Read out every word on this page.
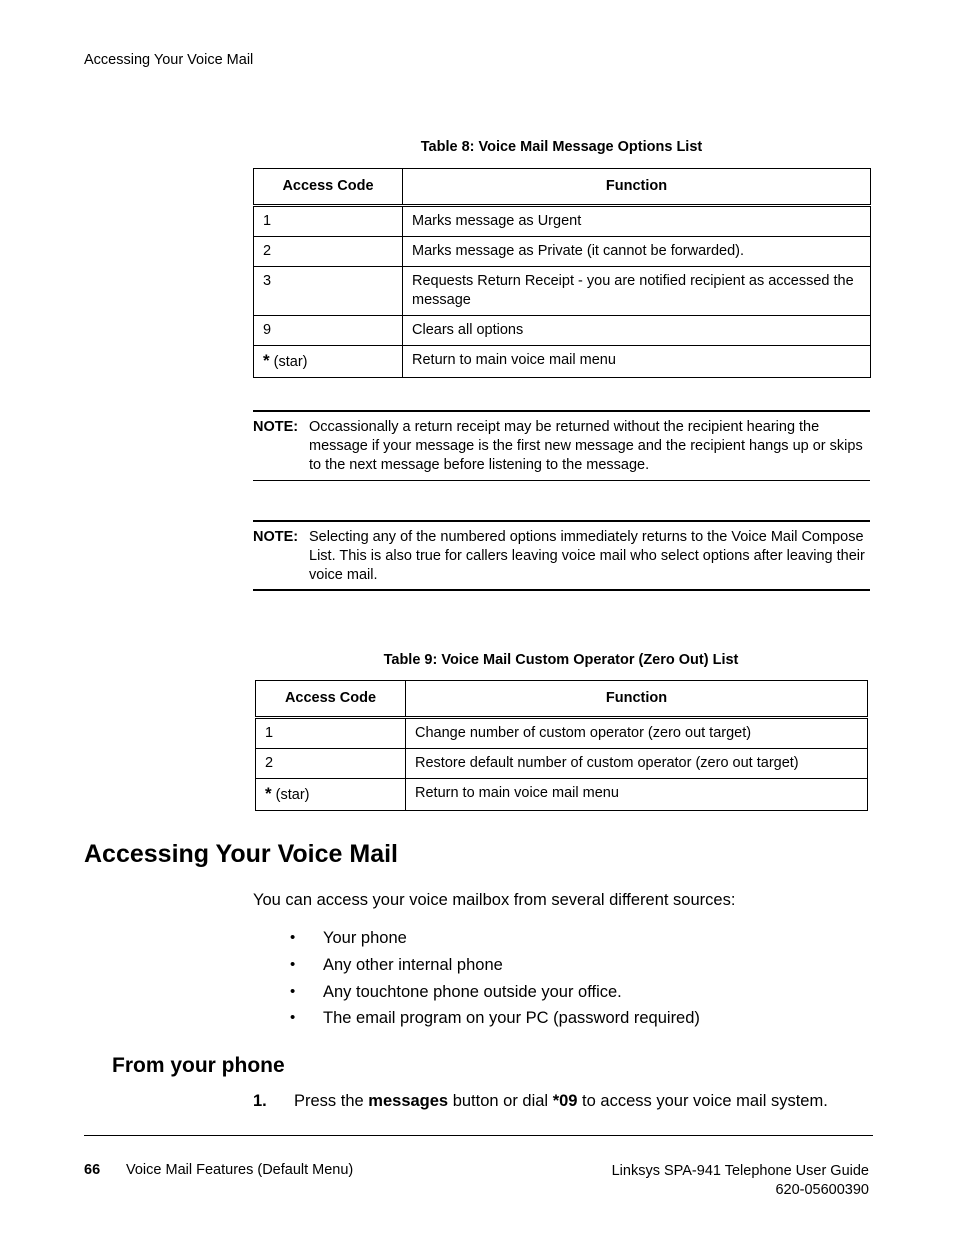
Accessing Your Voice Mail
Table 8: Voice Mail Message Options List
Access Code	Function
1	Marks message as Urgent
2	Marks message as Private (it cannot be forwarded).
3	Requests Return Receipt - you are notified recipient as accessed the message
9	Clears all options
* (star)	Return to main voice mail menu
NOTE: Occassionally a return receipt may be returned without the recipient hearing the message if your message is the first new message and the recipient hangs up or skips to the next message before listening to the message.
NOTE: Selecting any of the numbered options immediately returns to the Voice Mail Compose List. This is also true for callers leaving voice mail who select options after leaving their voice mail.
Table 9: Voice Mail Custom Operator (Zero Out) List
Access Code	Function
1	Change number of custom operator (zero out target)
2	Restore default number of custom operator (zero out target)
* (star)	Return to main voice mail menu
Accessing Your Voice Mail
You can access your voice mailbox from several different sources:
• Your phone
• Any other internal phone
• Any touchtone phone outside your office.
• The email program on your PC (password required)
From your phone
1. Press the messages button or dial *09 to access your voice mail system.
66 Voice Mail Features (Default Menu)	Linksys SPA-941 Telephone User Guide
620-05600390
